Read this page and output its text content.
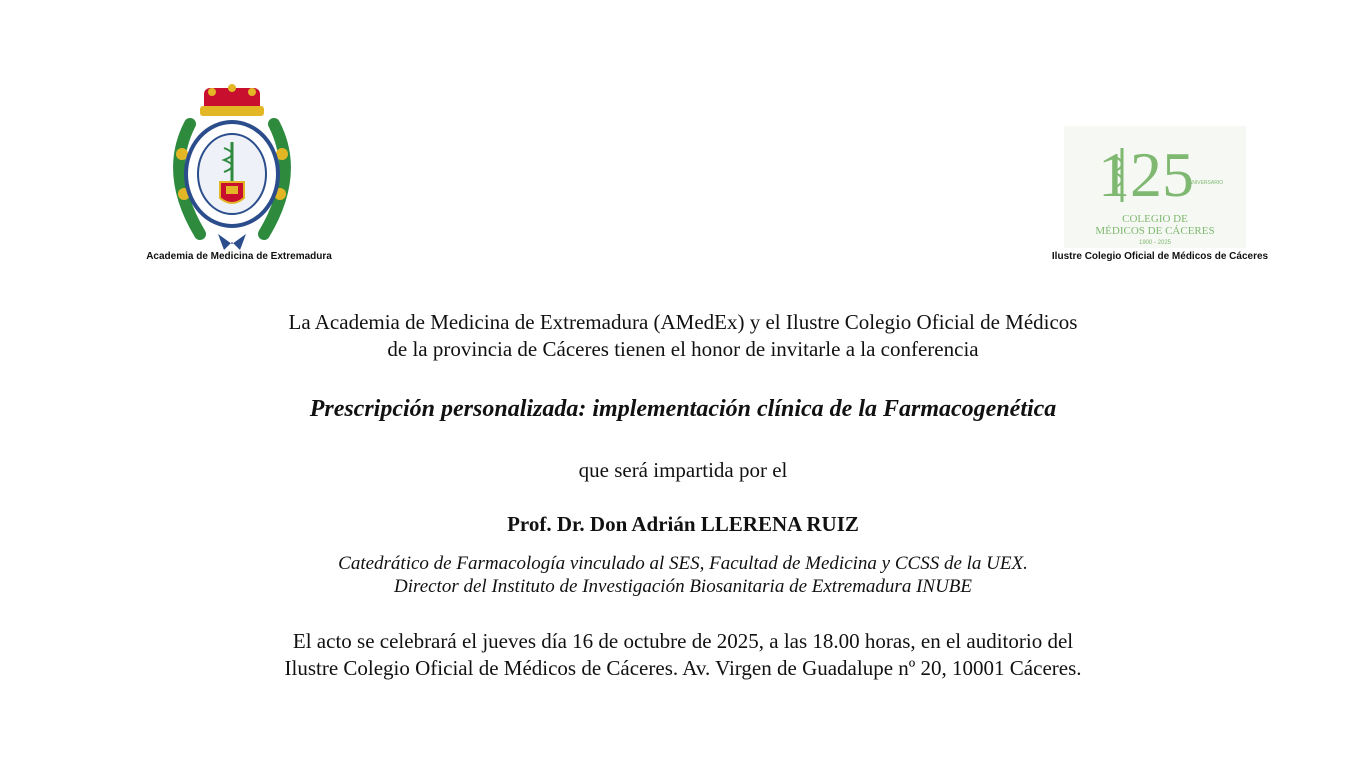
Academia de Medicina de Extremadura
125
ANIVERSARIO
COLEGIO DE
MÉDICOS DE CÁCERES
1900 - 2025
Ilustre Colegio Oficial de Médicos de Cáceres
La Academia de Medicina de Extremadura (AMedEx) y el Ilustre Colegio Oficial de Médicos
de la provincia de Cáceres tienen el honor de invitarle a la conferencia
Prescripción personalizada: implementación clínica de la Farmacogenética
que será impartida por el
Prof. Dr. Don Adrián LLERENA RUIZ
Catedrático de Farmacología vinculado al SES, Facultad de Medicina y CCSS de la UEX.
Director del Instituto de Investigación Biosanitaria de Extremadura INUBE
El acto se celebrará el jueves día 16 de octubre de 2025, a las 18.00 horas, en el auditorio del
Ilustre Colegio Oficial de Médicos de Cáceres. Av. Virgen de Guadalupe nº 20, 10001 Cáceres.
